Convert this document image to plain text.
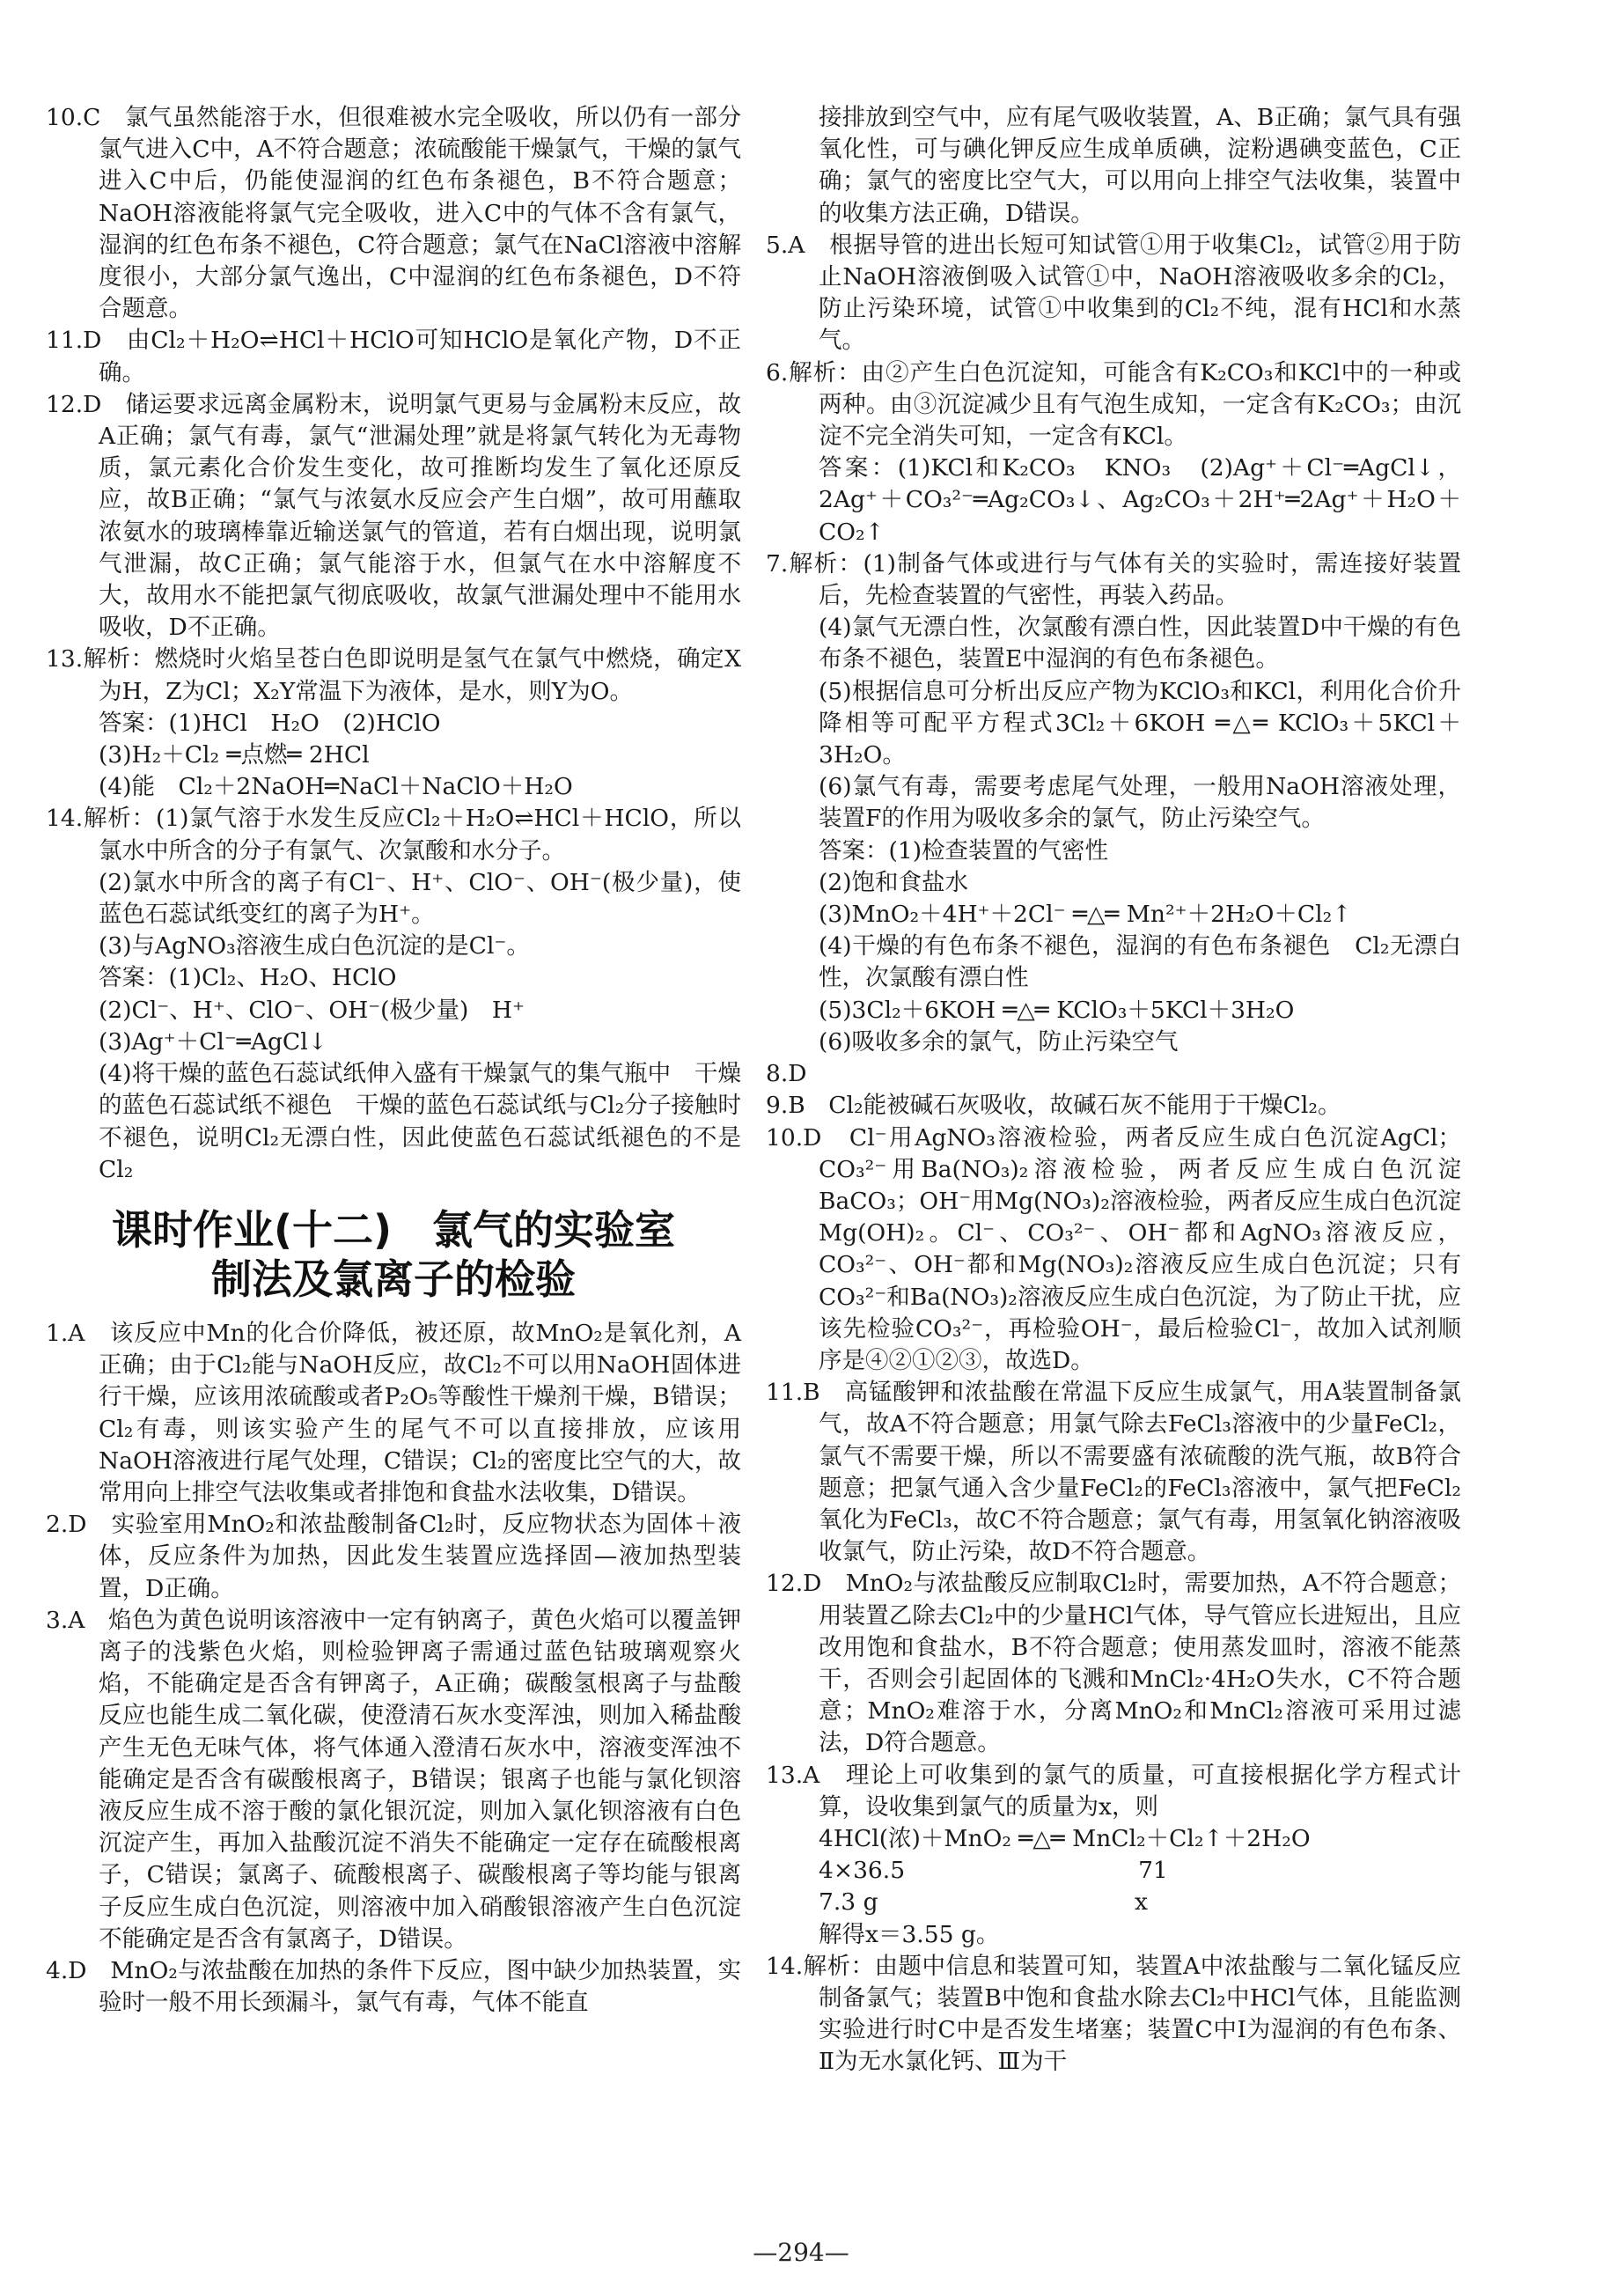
10.C　氯气虽然能溶于水，但很难被水完全吸收，所以仍有一部分氯气进入C中，A不符合题意；浓硫酸能干燥氯气，干燥的氯气进入C中后，仍能使湿润的红色布条褪色，B不符合题意；NaOH溶液能将氯气完全吸收，进入C中的气体不含有氯气，湿润的红色布条不褪色，C符合题意；氯气在NaCl溶液中溶解度很小，大部分氯气逸出，C中湿润的红色布条褪色，D不符合题意。

11.D　由Cl₂＋H₂O⇌HCl＋HClO可知HClO是氧化产物，D不正确。

12.D　储运要求远离金属粉末，说明氯气更易与金属粉末反应，故A正确；氯气有毒，氯气“泄漏处理”就是将氯气转化为无毒物质，氯元素化合价发生变化，故可推断均发生了氧化还原反应，故B正确；“氯气与浓氨水反应会产生白烟”，故可用蘸取浓氨水的玻璃棒靠近输送氯气的管道，若有白烟出现，说明氯气泄漏，故C正确；氯气能溶于水，但氯气在水中溶解度不大，故用水不能把氯气彻底吸收，故氯气泄漏处理中不能用水吸收，D不正确。

13.解析：燃烧时火焰呈苍白色即说明是氢气在氯气中燃烧，确定X为H，Z为Cl；X₂Y常温下为液体，是水，则Y为O。

答案：(1)HCl　H₂O　(2)HClO

(3)H₂＋Cl₂ ═点燃═ 2HCl

(4)能　Cl₂＋2NaOH═NaCl＋NaClO＋H₂O

14.解析：(1)氯气溶于水发生反应Cl₂＋H₂O⇌HCl＋HClO，所以氯水中所含的分子有氯气、次氯酸和水分子。

(2)氯水中所含的离子有Cl⁻、H⁺、ClO⁻、OH⁻(极少量)，使蓝色石蕊试纸变红的离子为H⁺。

(3)与AgNO₃溶液生成白色沉淀的是Cl⁻。

答案：(1)Cl₂、H₂O、HClO

(2)Cl⁻、H⁺、ClO⁻、OH⁻(极少量)　H⁺

(3)Ag⁺＋Cl⁻═AgCl↓

(4)将干燥的蓝色石蕊试纸伸入盛有干燥氯气的集气瓶中　干燥的蓝色石蕊试纸不褪色　干燥的蓝色石蕊试纸与Cl₂分子接触时不褪色，说明Cl₂无漂白性，因此使蓝色石蕊试纸褪色的不是Cl₂

课时作业(十二)　氯气的实验室
制法及氯离子的检验

1.A　该反应中Mn的化合价降低，被还原，故MnO₂是氧化剂，A正确；由于Cl₂能与NaOH反应，故Cl₂不可以用NaOH固体进行干燥，应该用浓硫酸或者P₂O₅等酸性干燥剂干燥，B错误；Cl₂有毒，则该实验产生的尾气不可以直接排放，应该用NaOH溶液进行尾气处理，C错误；Cl₂的密度比空气的大，故常用向上排空气法收集或者排饱和食盐水法收集，D错误。

2.D　实验室用MnO₂和浓盐酸制备Cl₂时，反应物状态为固体＋液体，反应条件为加热，因此发生装置应选择固—液加热型装置，D正确。

3.A　焰色为黄色说明该溶液中一定有钠离子，黄色火焰可以覆盖钾离子的浅紫色火焰，则检验钾离子需通过蓝色钴玻璃观察火焰，不能确定是否含有钾离子，A正确；碳酸氢根离子与盐酸反应也能生成二氧化碳，使澄清石灰水变浑浊，则加入稀盐酸产生无色无味气体，将气体通入澄清石灰水中，溶液变浑浊不能确定是否含有碳酸根离子，B错误；银离子也能与氯化钡溶液反应生成不溶于酸的氯化银沉淀，则加入氯化钡溶液有白色沉淀产生，再加入盐酸沉淀不消失不能确定一定存在硫酸根离子，C错误；氯离子、硫酸根离子、碳酸根离子等均能与银离子反应生成白色沉淀，则溶液中加入硝酸银溶液产生白色沉淀不能确定是否含有氯离子，D错误。

4.D　MnO₂与浓盐酸在加热的条件下反应，图中缺少加热装置，实验时一般不用长颈漏斗，氯气有毒，气体不能直

接排放到空气中，应有尾气吸收装置，A、B正确；氯气具有强氧化性，可与碘化钾反应生成单质碘，淀粉遇碘变蓝色，C正确；氯气的密度比空气大，可以用向上排空气法收集，装置中的收集方法正确，D错误。

5.A　根据导管的进出长短可知试管①用于收集Cl₂，试管②用于防止NaOH溶液倒吸入试管①中，NaOH溶液吸收多余的Cl₂，防止污染环境，试管①中收集到的Cl₂不纯，混有HCl和水蒸气。

6.解析：由②产生白色沉淀知，可能含有K₂CO₃和KCl中的一种或两种。由③沉淀减少且有气泡生成知，一定含有K₂CO₃；由沉淀不完全消失可知，一定含有KCl。

答案：(1)KCl和K₂CO₃　KNO₃　(2)Ag⁺＋Cl⁻═AgCl↓，2Ag⁺＋CO₃²⁻═Ag₂CO₃↓、Ag₂CO₃＋2H⁺═2Ag⁺＋H₂O＋CO₂↑

7.解析：(1)制备气体或进行与气体有关的实验时，需连接好装置后，先检查装置的气密性，再装入药品。

(4)氯气无漂白性，次氯酸有漂白性，因此装置D中干燥的有色布条不褪色，装置E中湿润的有色布条褪色。

(5)根据信息可分析出反应产物为KClO₃和KCl，利用化合价升降相等可配平方程式3Cl₂＋6KOH ═△═ KClO₃＋5KCl＋3H₂O。

(6)氯气有毒，需要考虑尾气处理，一般用NaOH溶液处理，装置F的作用为吸收多余的氯气，防止污染空气。

答案：(1)检查装置的气密性

(2)饱和食盐水

(3)MnO₂＋4H⁺＋2Cl⁻ ═△═ Mn²⁺＋2H₂O＋Cl₂↑

(4)干燥的有色布条不褪色，湿润的有色布条褪色　Cl₂无漂白性，次氯酸有漂白性

(5)3Cl₂＋6KOH ═△═ KClO₃＋5KCl＋3H₂O

(6)吸收多余的氯气，防止污染空气

8.D

9.B　Cl₂能被碱石灰吸收，故碱石灰不能用于干燥Cl₂。

10.D　Cl⁻用AgNO₃溶液检验，两者反应生成白色沉淀AgCl；CO₃²⁻用Ba(NO₃)₂溶液检验，两者反应生成白色沉淀BaCO₃；OH⁻用Mg(NO₃)₂溶液检验，两者反应生成白色沉淀Mg(OH)₂。Cl⁻、CO₃²⁻、OH⁻都和AgNO₃溶液反应，CO₃²⁻、OH⁻都和Mg(NO₃)₂溶液反应生成白色沉淀；只有CO₃²⁻和Ba(NO₃)₂溶液反应生成白色沉淀，为了防止干扰，应该先检验CO₃²⁻，再检验OH⁻，最后检验Cl⁻，故加入试剂顺序是④②①②③，故选D。

11.B　高锰酸钾和浓盐酸在常温下反应生成氯气，用A装置制备氯气，故A不符合题意；用氯气除去FeCl₃溶液中的少量FeCl₂，氯气不需要干燥，所以不需要盛有浓硫酸的洗气瓶，故B符合题意；把氯气通入含少量FeCl₂的FeCl₃溶液中，氯气把FeCl₂氧化为FeCl₃，故C不符合题意；氯气有毒，用氢氧化钠溶液吸收氯气，防止污染，故D不符合题意。

12.D　MnO₂与浓盐酸反应制取Cl₂时，需要加热，A不符合题意；用装置乙除去Cl₂中的少量HCl气体，导气管应长进短出，且应改用饱和食盐水，B不符合题意；使用蒸发皿时，溶液不能蒸干，否则会引起固体的飞溅和MnCl₂·4H₂O失水，C不符合题意；MnO₂难溶于水，分离MnO₂和MnCl₂溶液可采用过滤法，D符合题意。

13.A　理论上可收集到的氯气的质量，可直接根据化学方程式计算，设收集到氯气的质量为x，则

4HCl(浓)＋MnO₂ ═△═ MnCl₂＋Cl₂↑＋2H₂O

4×36.5　　　　　　　　　　71

7.3 g　　　　　　　　　　　x

解得x＝3.55 g。

14.解析：由题中信息和装置可知，装置A中浓盐酸与二氧化锰反应制备氯气；装置B中饱和食盐水除去Cl₂中HCl气体，且能监测实验进行时C中是否发生堵塞；装置C中Ⅰ为湿润的有色布条、Ⅱ为无水氯化钙、Ⅲ为干

—294—
